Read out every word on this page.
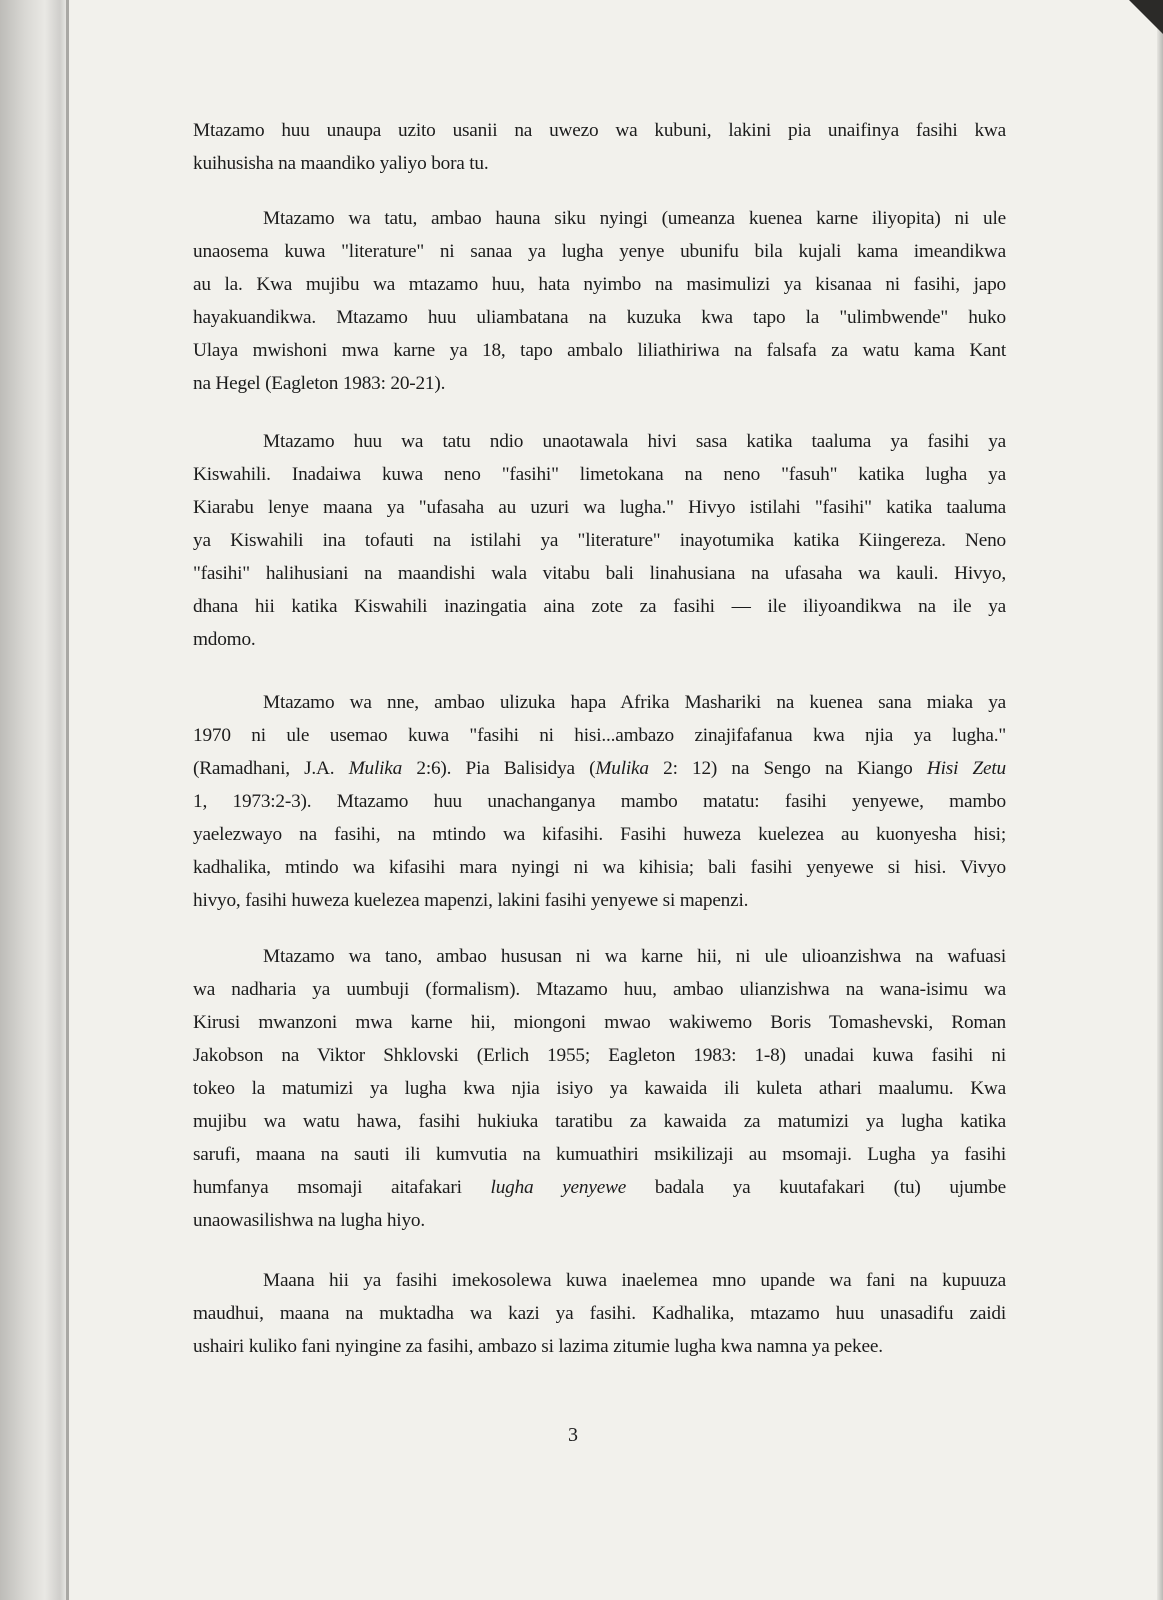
Mtazamo huu unaupa uzito usanii na uwezo wa kubuni, lakini pia unaifinya fasihi kwa
kuihusisha na maandiko yaliyo bora tu.
Mtazamo wa tatu, ambao hauna siku nyingi (umeanza kuenea karne iliyopita) ni ule
unaosema kuwa "literature" ni sanaa ya lugha yenye ubunifu bila kujali kama imeandikwa
au la. Kwa mujibu wa mtazamo huu, hata nyimbo na masimulizi ya kisanaa ni fasihi, japo
hayakuandikwa. Mtazamo huu uliambatana na kuzuka kwa tapo la "ulimbwende" huko
Ulaya mwishoni mwa karne ya 18, tapo ambalo liliathiriwa na falsafa za watu kama Kant
na Hegel (Eagleton 1983: 20-21).
Mtazamo huu wa tatu ndio unaotawala hivi sasa katika taaluma ya fasihi ya
Kiswahili. Inadaiwa kuwa neno "fasihi" limetokana na neno "fasuh" katika lugha ya
Kiarabu lenye maana ya "ufasaha au uzuri wa lugha." Hivyo istilahi "fasihi" katika taaluma
ya Kiswahili ina tofauti na istilahi ya "literature" inayotumika katika Kiingereza. Neno
"fasihi" halihusiani na maandishi wala vitabu bali linahusiana na ufasaha wa kauli. Hivyo,
dhana hii katika Kiswahili inazingatia aina zote za fasihi — ile iliyoandikwa na ile ya
mdomo.
Mtazamo wa nne, ambao ulizuka hapa Afrika Mashariki na kuenea sana miaka ya
1970 ni ule usemao kuwa "fasihi ni hisi...ambazo zinajifafanua kwa njia ya lugha."
(Ramadhani, J.A. Mulika 2:6). Pia Balisidya (Mulika 2: 12) na Sengo na Kiango Hisi Zetu
1, 1973:2-3). Mtazamo huu unachanganya mambo matatu: fasihi yenyewe, mambo
yaelezwayo na fasihi, na mtindo wa kifasihi. Fasihi huweza kuelezea au kuonyesha hisi;
kadhalika, mtindo wa kifasihi mara nyingi ni wa kihisia; bali fasihi yenyewe si hisi. Vivyo
hivyo, fasihi huweza kuelezea mapenzi, lakini fasihi yenyewe si mapenzi.
Mtazamo wa tano, ambao hususan ni wa karne hii, ni ule ulioanzishwa na wafuasi
wa nadharia ya uumbuji (formalism). Mtazamo huu, ambao ulianzishwa na wana-isimu wa
Kirusi mwanzoni mwa karne hii, miongoni mwao wakiwemo Boris Tomashevski, Roman
Jakobson na Viktor Shklovski (Erlich 1955; Eagleton 1983: 1-8) unadai kuwa fasihi ni
tokeo la matumizi ya lugha kwa njia isiyo ya kawaida ili kuleta athari maalumu. Kwa
mujibu wa watu hawa, fasihi hukiuka taratibu za kawaida za matumizi ya lugha katika
sarufi, maana na sauti ili kumvutia na kumuathiri msikilizaji au msomaji. Lugha ya fasihi
humfanya msomaji aitafakari lugha yenyewe badala ya kuutafakari (tu) ujumbe
unaowasilishwa na lugha hiyo.
Maana hii ya fasihi imekosolewa kuwa inaelemea mno upande wa fani na kupuuza
maudhui, maana na muktadha wa kazi ya fasihi. Kadhalika, mtazamo huu unasadifu zaidi
ushairi kuliko fani nyingine za fasihi, ambazo si lazima zitumie lugha kwa namna ya pekee.
3
